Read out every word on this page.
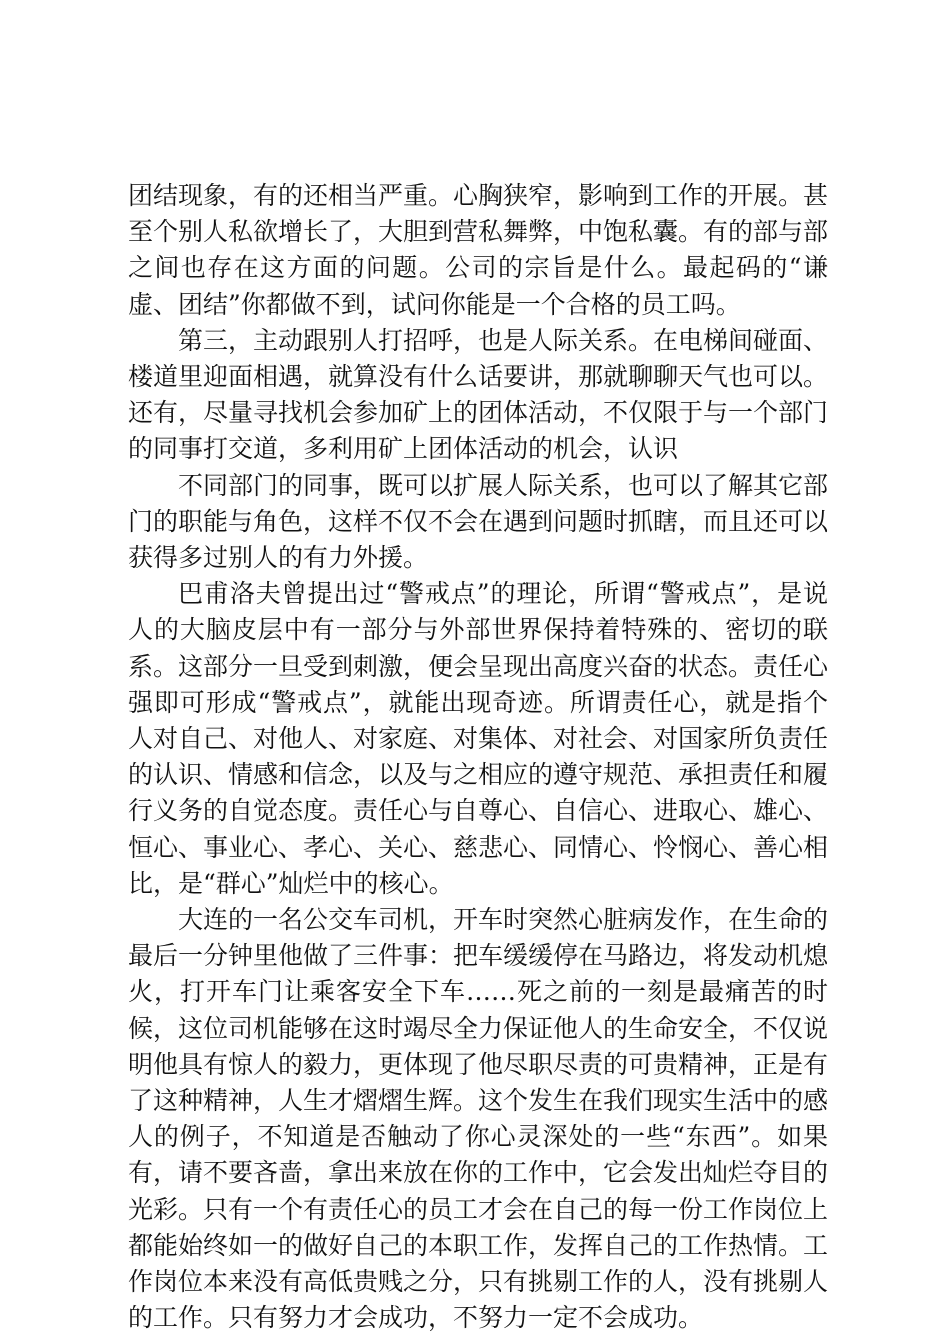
团结现象，有的还相当严重。心胸狭窄，影响到工作的开展。甚至个别人私欲增长了，大胆到营私舞弊，中饱私囊。有的部与部之间也存在这方面的问题。公司的宗旨是什么。最起码的“谦虚、团结”你都做不到，试问你能是一个合格的员工吗。

第三，主动跟别人打招呼，也是人际关系。在电梯间碰面、楼道里迎面相遇，就算没有什么话要讲，那就聊聊天气也可以。还有，尽量寻找机会参加矿上的团体活动，不仅限于与一个部门的同事打交道，多利用矿上团体活动的机会，认识

不同部门的同事，既可以扩展人际关系，也可以了解其它部门的职能与角色，这样不仅不会在遇到问题时抓瞎，而且还可以获得多过别人的有力外援。

巴甫洛夫曾提出过“警戒点”的理论，所谓“警戒点”，是说人的大脑皮层中有一部分与外部世界保持着特殊的、密切的联系。这部分一旦受到刺激，便会呈现出高度兴奋的状态。责任心强即可形成“警戒点”，就能出现奇迹。所谓责任心，就是指个人对自己、对他人、对家庭、对集体、对社会、对国家所负责任的认识、情感和信念，以及与之相应的遵守规范、承担责任和履行义务的自觉态度。责任心与自尊心、自信心、进取心、雄心、恒心、事业心、孝心、关心、慈悲心、同情心、怜悯心、善心相比，是“群心”灿烂中的核心。

大连的一名公交车司机，开车时突然心脏病发作，在生命的最后一分钟里他做了三件事：把车缓缓停在马路边，将发动机熄火，打开车门让乘客安全下车……死之前的一刻是最痛苦的时候，这位司机能够在这时竭尽全力保证他人的生命安全，不仅说明他具有惊人的毅力，更体现了他尽职尽责的可贵精神，正是有了这种精神，人生才熠熠生辉。这个发生在我们现实生活中的感人的例子，不知道是否触动了你心灵深处的一些“东西”。如果有，请不要吝啬，拿出来放在你的工作中，它会发出灿烂夺目的光彩。只有一个有责任心的员工才会在自己的每一份工作岗位上都能始终如一的做好自己的本职工作，发挥自己的工作热情。工作岗位本来没有高低贵贱之分，只有挑剔工作的人，没有挑剔人的工作。只有努力才会成功，不努力一定不会成功。
